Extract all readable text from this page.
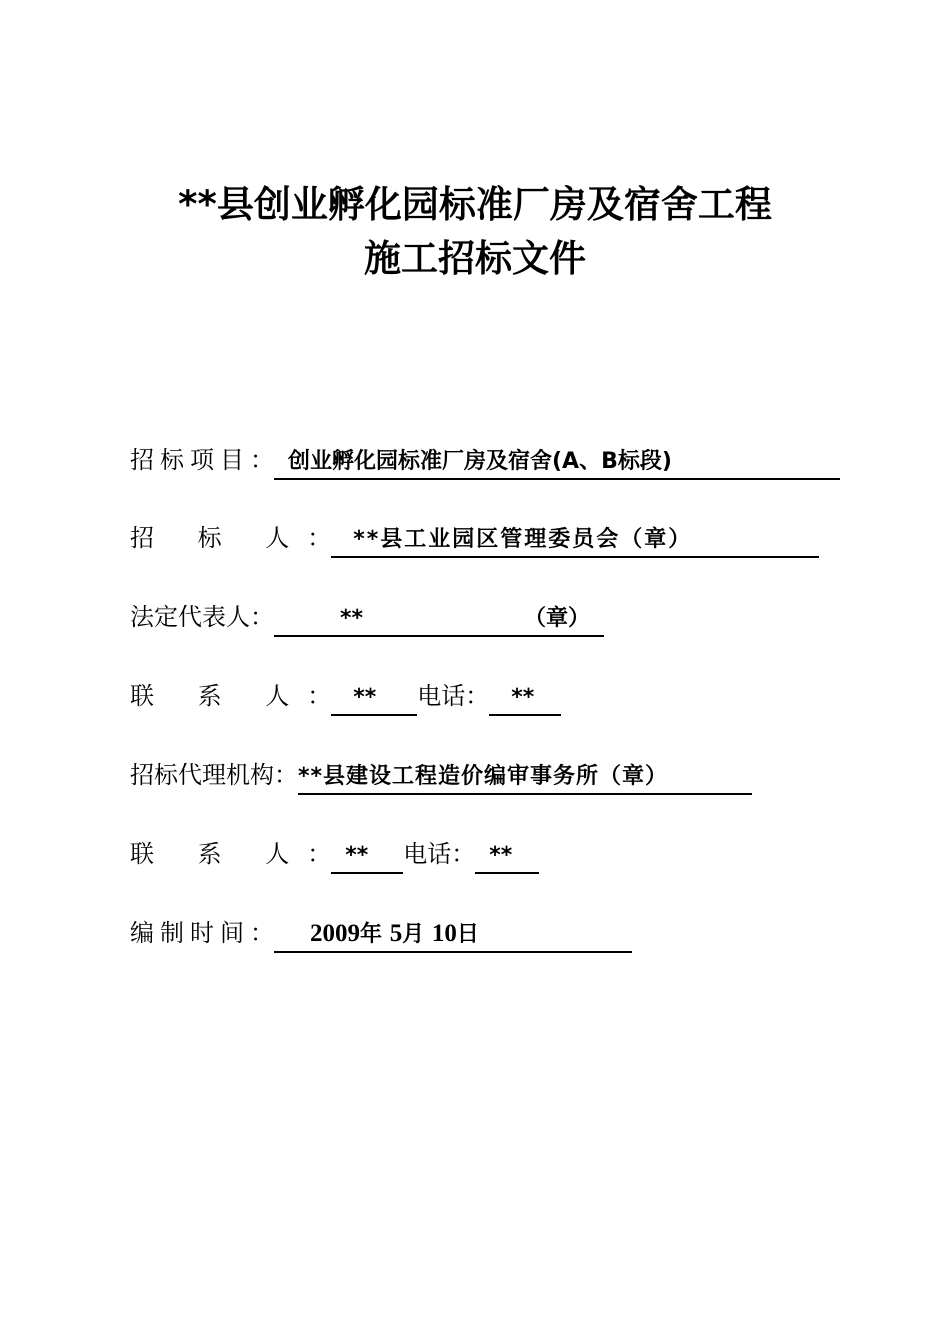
**县创业孵化园标准厂房及宿舍工程
施工招标文件
招标项目 ： 创业孵化园标准厂房及宿舍(A、B标段)
招 标 人 ：	**县工业园区管理委员会（章）
法定代表人 ：	**	（章）
联 系 人 ：	**	电话：	**
招标代理机构 ： **县建设工程造价编审事务所（章）
联 系 人 ： **	电话： **
编制时间 ：	2009年 5月 10日
